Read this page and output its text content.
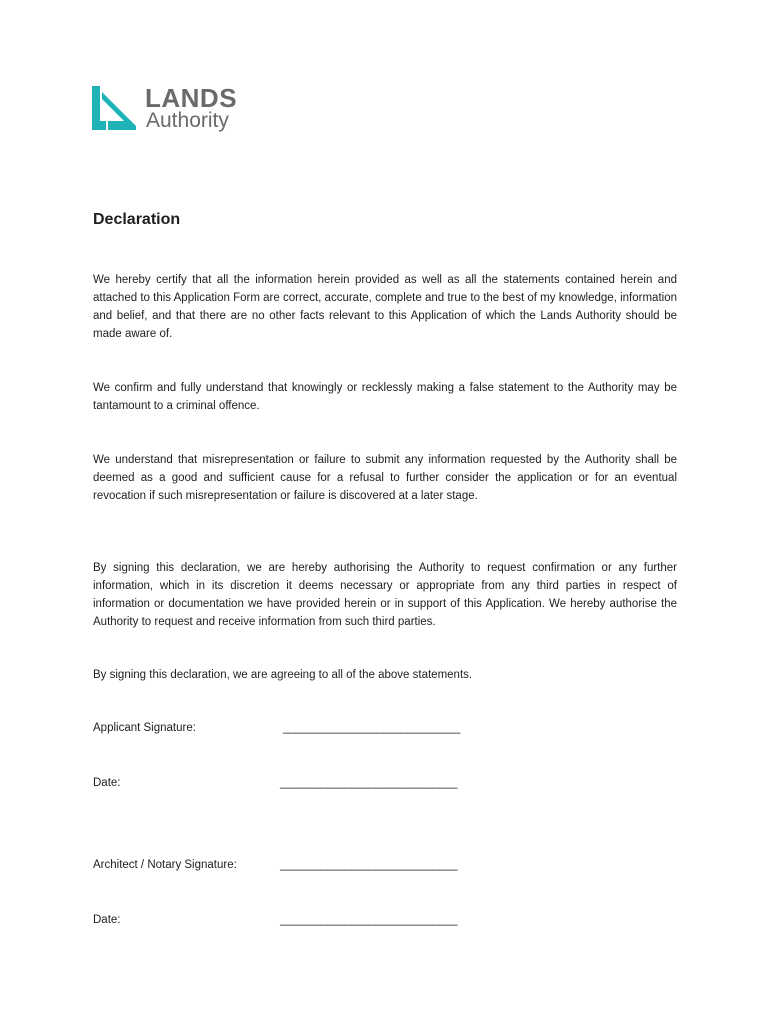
LANDS
Authority
Declaration

We hereby certify that all the information herein provided as well as all the statements contained herein and attached to this Application Form are correct, accurate, complete and true to the best of my knowledge, information and belief, and that there are no other facts relevant to this Application of which the Lands Authority should be made aware of.

We confirm and fully understand that knowingly or recklessly making a false statement to the Authority may be tantamount to a criminal offence.

We understand that misrepresentation or failure to submit any information requested by the Authority shall be deemed as a good and sufficient cause for a refusal to further consider the application or for an eventual revocation if such misrepresentation or failure is discovered at a later stage.

By signing this declaration, we are hereby authorising the Authority to request confirmation or any further information, which in its discretion it deems necessary or appropriate from any third parties in respect of information or documentation we have provided herein or in support of this Application. We hereby authorise the Authority to request and receive information from such third parties.

By signing this declaration, we are agreeing to all of the above statements.

Applicant Signature:	______________________________
Date:	______________________________
Architect / Notary Signature:	______________________________
Date:	______________________________
